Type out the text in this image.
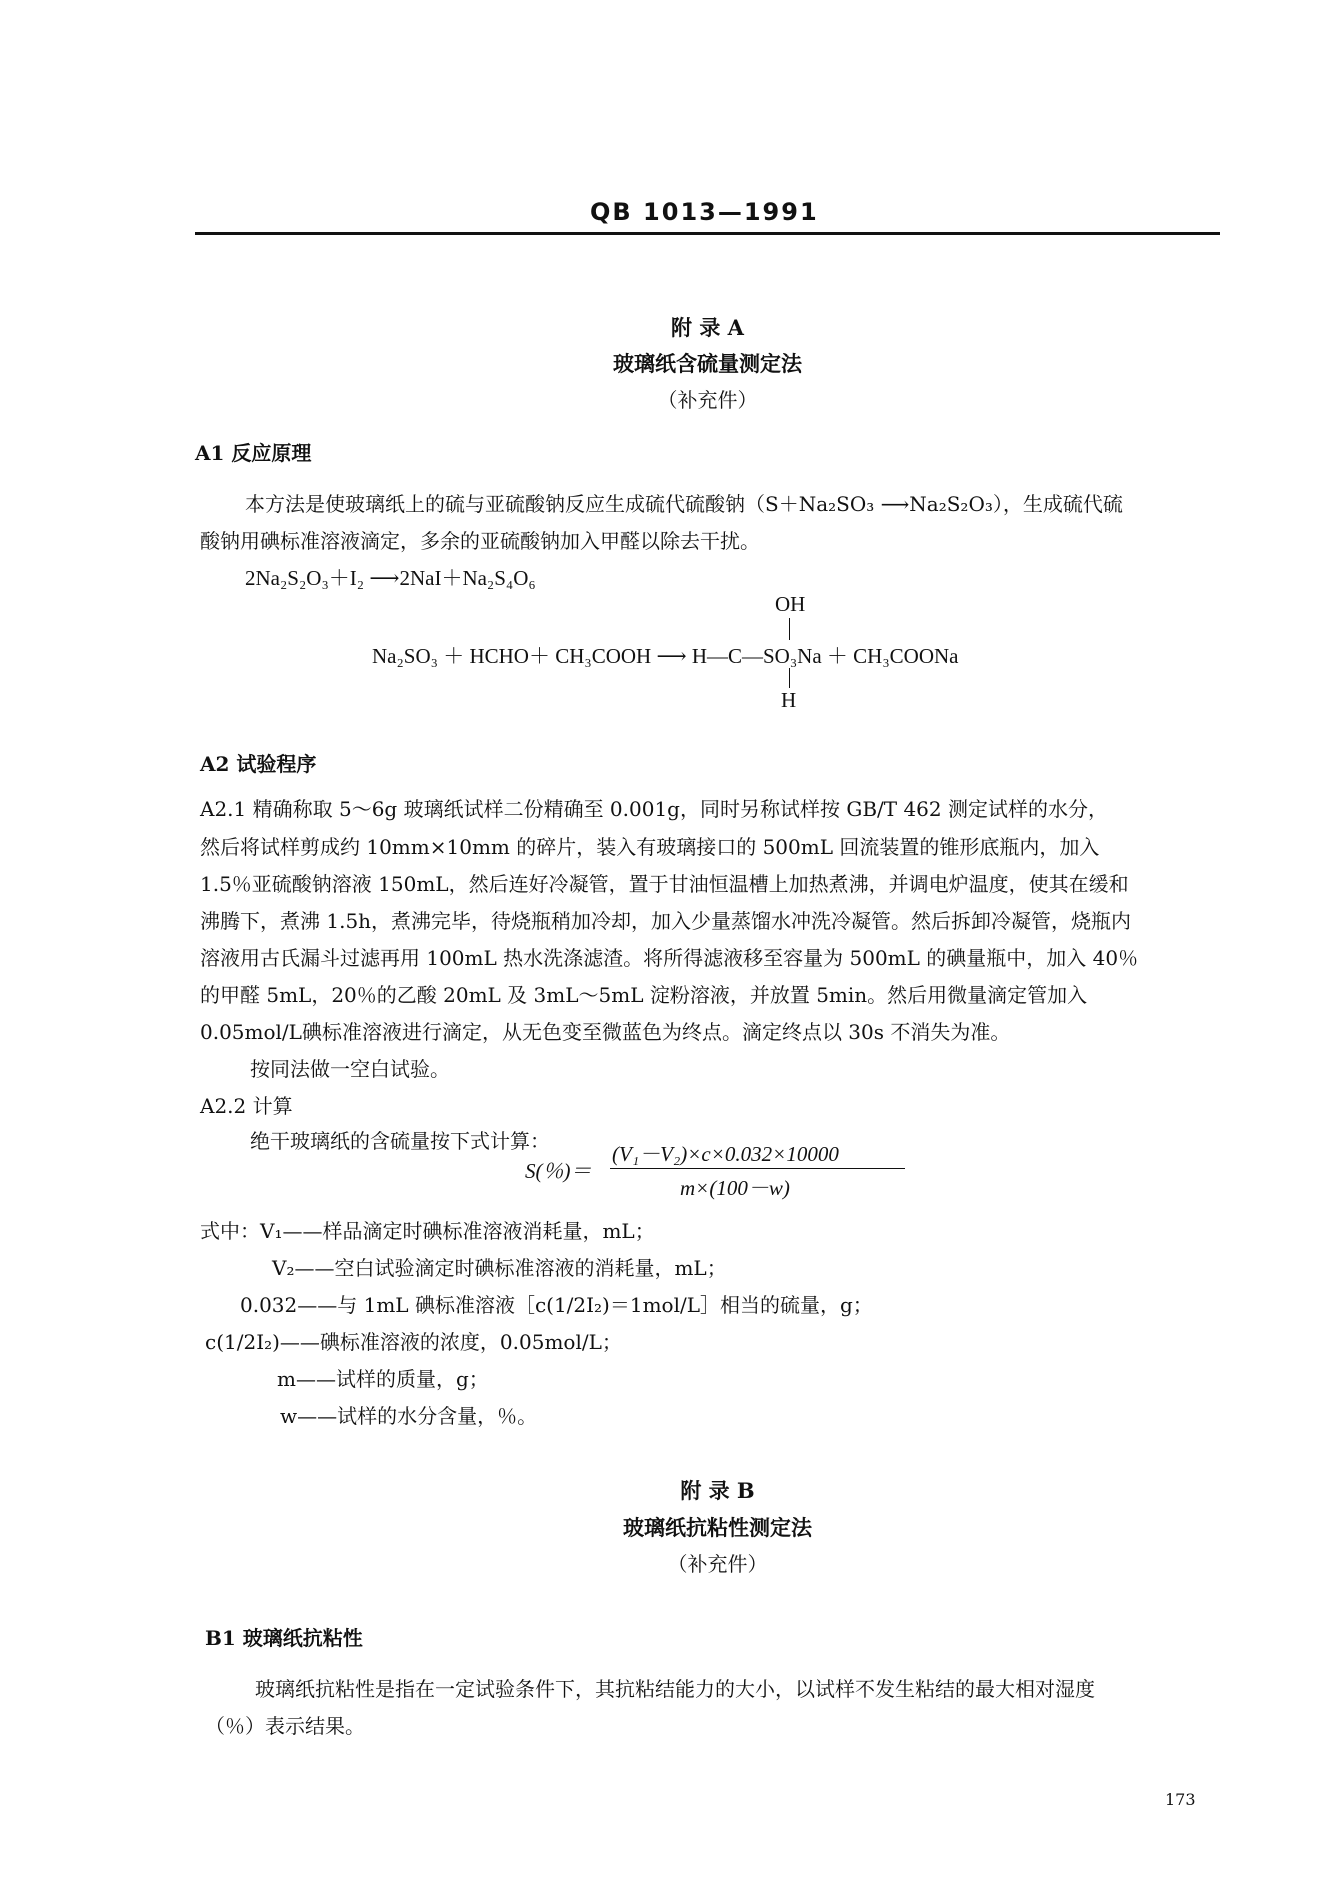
QB 1013—1991
附 录 A
玻璃纸含硫量测定法
（补充件）
A1 反应原理
本方法是使玻璃纸上的硫与亚硫酸钠反应生成硫代硫酸钠（S＋Na₂SO₃ ⟶Na₂S₂O₃），生成硫代硫
酸钠用碘标准溶液滴定，多余的亚硫酸钠加入甲醛以除去干扰。
2Na₂S₂O₃＋I₂ ⟶2NaI＋Na₂S₄O₆
OH
Na₂SO₃ ＋ HCHO＋ CH₃COOH ⟶ H—C—SO₃Na ＋ CH₃COONa
H
A2 试验程序
A2.1 精确称取 5～6g 玻璃纸试样二份精确至 0.001g，同时另称试样按 GB/T 462 测定试样的水分，
然后将试样剪成约 10mm×10mm 的碎片，装入有玻璃接口的 500mL 回流装置的锥形底瓶内，加入
1.5％亚硫酸钠溶液 150mL，然后连好冷凝管，置于甘油恒温槽上加热煮沸，并调电炉温度，使其在缓和
沸腾下，煮沸 1.5h，煮沸完毕，待烧瓶稍加冷却，加入少量蒸馏水冲洗冷凝管。然后拆卸冷凝管，烧瓶内
溶液用古氏漏斗过滤再用 100mL 热水洗涤滤渣。将所得滤液移至容量为 500mL 的碘量瓶中，加入 40％
的甲醛 5mL，20％的乙酸 20mL 及 3mL～5mL 淀粉溶液，并放置 5min。然后用微量滴定管加入
0.05mol/L碘标准溶液进行滴定，从无色变至微蓝色为终点。滴定终点以 30s 不消失为准。
按同法做一空白试验。
A2.2 计算
绝干玻璃纸的含硫量按下式计算：
S(％)＝
(V₁－V₂)×c×0.032×10000
m×(100－w)
式中：V₁——样品滴定时碘标准溶液消耗量，mL；
V₂——空白试验滴定时碘标准溶液的消耗量，mL；
0.032——与 1mL 碘标准溶液［c(1/2I₂)＝1mol/L］相当的硫量，g；
c(1/2I₂)——碘标准溶液的浓度，0.05mol/L；
m——试样的质量，g；
w——试样的水分含量，％。
附 录 B
玻璃纸抗粘性测定法
（补充件）
B1 玻璃纸抗粘性
玻璃纸抗粘性是指在一定试验条件下，其抗粘结能力的大小，以试样不发生粘结的最大相对湿度
（％）表示结果。
173
